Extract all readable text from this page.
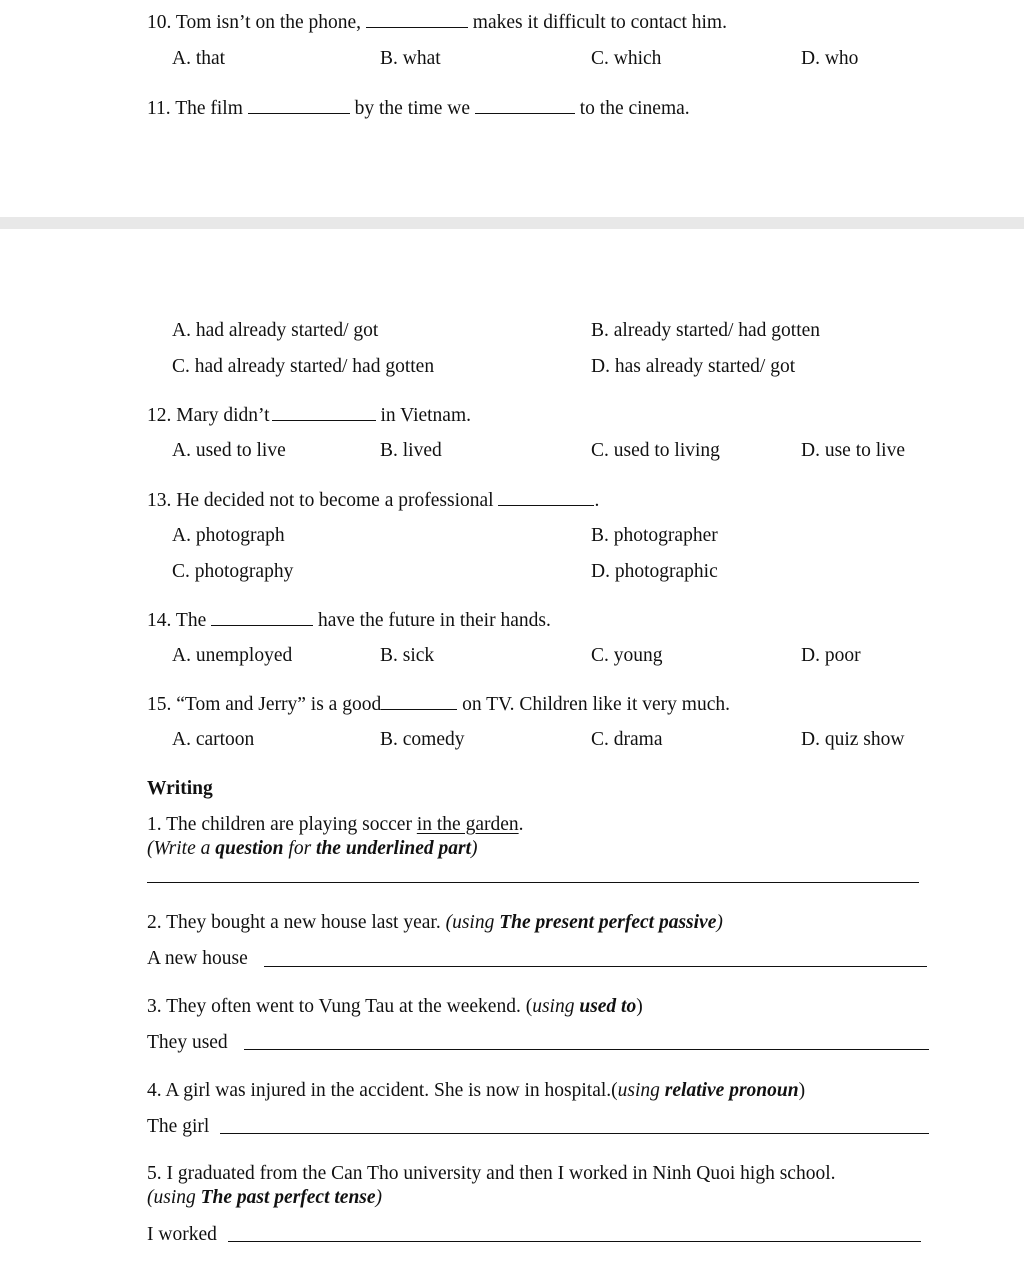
10. Tom isn’t on the phone,	makes it difficult to contact him.
A. that	B. what	C. which	D. who
11. The film	by the time we	to the cinema.
A. had already started/ got	B. already started/ had gotten
C. had already started/ had gotten	D. has already started/ got
12. Mary didn’t	in Vietnam.
A. used to live	B. lived	C. used to living	D. use to live
13. He decided not to become a professional	.
A. photograph	B. photographer
C. photography	D. photographic
14. The	have the future in their hands.
A. unemployed	B. sick	C. young	D. poor
15. “Tom and Jerry” is a good	on TV. Children like it very much.
A. cartoon	B. comedy	C. drama	D. quiz show
Writing
1. The children are playing soccer in the garden.
(Write a question for the underlined part)
2. They bought a new house last year. (using The present perfect passive)
A new house
3. They often went to Vung Tau at the weekend. (using used to)
They used
4. A girl was injured in the accident. She is now in hospital.(using relative pronoun)
The girl
5. I graduated from the Can Tho university and then I worked in Ninh Quoi high school.
(using The past perfect tense)
I worked
